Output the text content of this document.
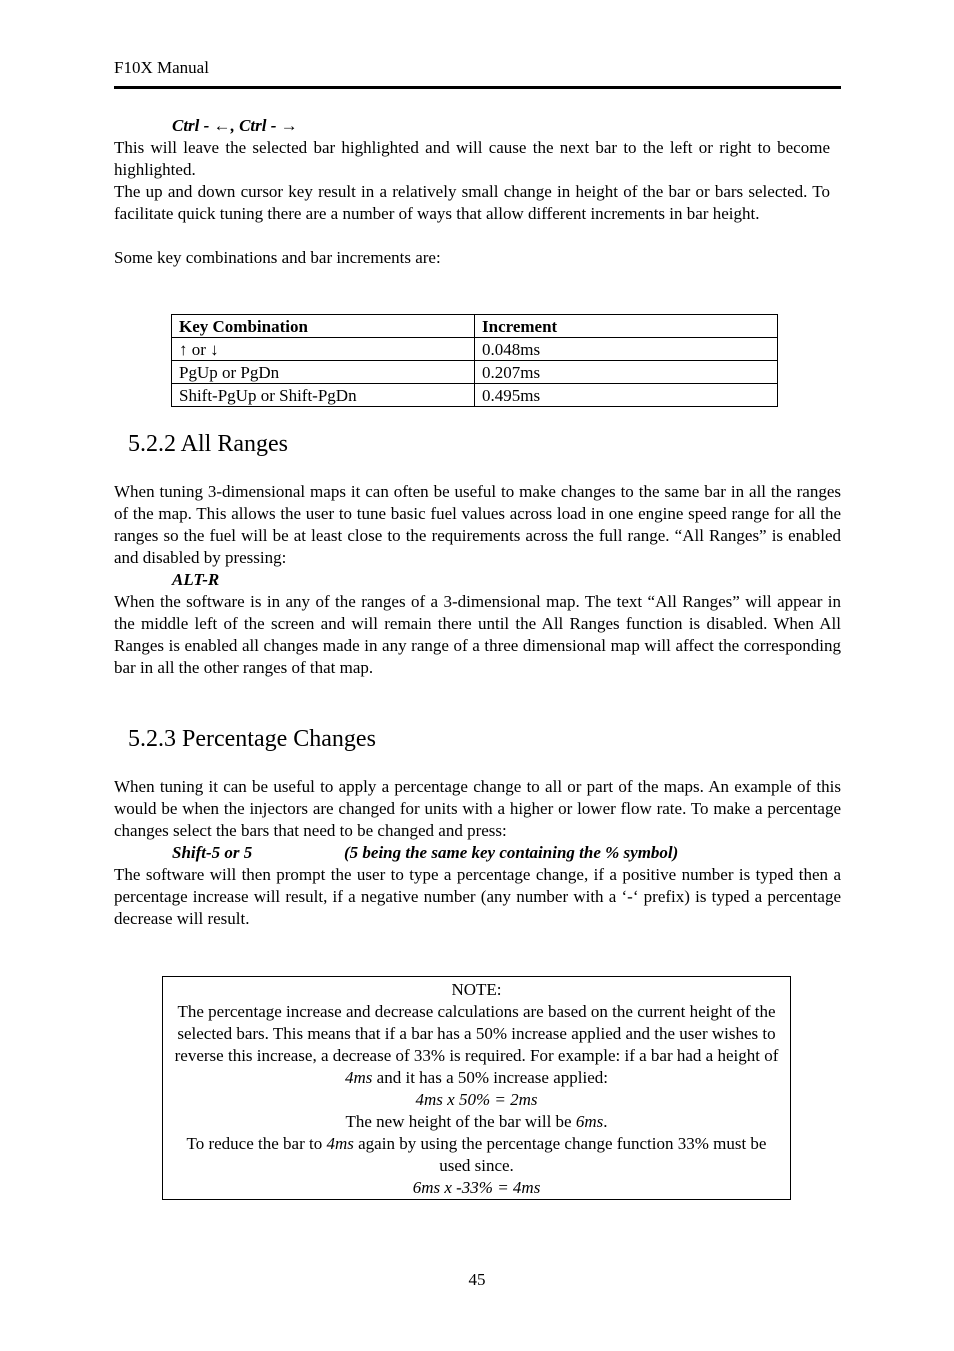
F10X Manual
Ctrl - ←, Ctrl - →

This will leave the selected bar highlighted and will cause the next bar to the left or right to become highlighted.

The up and down cursor key result in a relatively small change in height of the bar or bars selected. To facilitate quick tuning there are a number of ways that allow different increments in bar height.

Some key combinations and bar increments are:

Key Combination	Increment
↑ or ↓	0.048ms
PgUp or PgDn	0.207ms
Shift-PgUp or Shift-PgDn	0.495ms
5.2.2 All Ranges

When tuning 3-dimensional maps it can often be useful to make changes to the same bar in all the ranges of the map. This allows the user to tune basic fuel values across load in one engine speed range for all the ranges so the fuel will be at least close to the requirements across the full range. “All Ranges” is enabled and disabled by pressing:

ALT-R

When the software is in any of the ranges of a 3-dimensional map. The text “All Ranges” will appear in the middle left of the screen and will remain there until the All Ranges function is disabled. When All Ranges is enabled all changes made in any range of a three dimensional map will affect the corresponding bar in all the other ranges of that map.

5.2.3 Percentage Changes

When tuning it can be useful to apply a percentage change to all or part of the maps. An example of this would be when the injectors are changed for units with a higher or lower flow rate. To make a percentage changes select the bars that need to be changed and press:

Shift-5 or 5	(5 being the same key containing the % symbol)

The software will then prompt the user to type a percentage change, if a positive number is typed then a percentage increase will result, if a negative number (any number with a ‘-‘ prefix) is typed a percentage decrease will result.

NOTE:

The percentage increase and decrease calculations are based on the current height of the selected bars. This means that if a bar has a 50% increase applied and the user wishes to reverse this increase, a decrease of 33% is required. For example: if a bar had a height of 4ms and it has a 50% increase applied:

4ms x 50% = 2ms

The new height of the bar will be 6ms.

To reduce the bar to 4ms again by using the percentage change function 33% must be used since.

6ms x -33% = 4ms

45
